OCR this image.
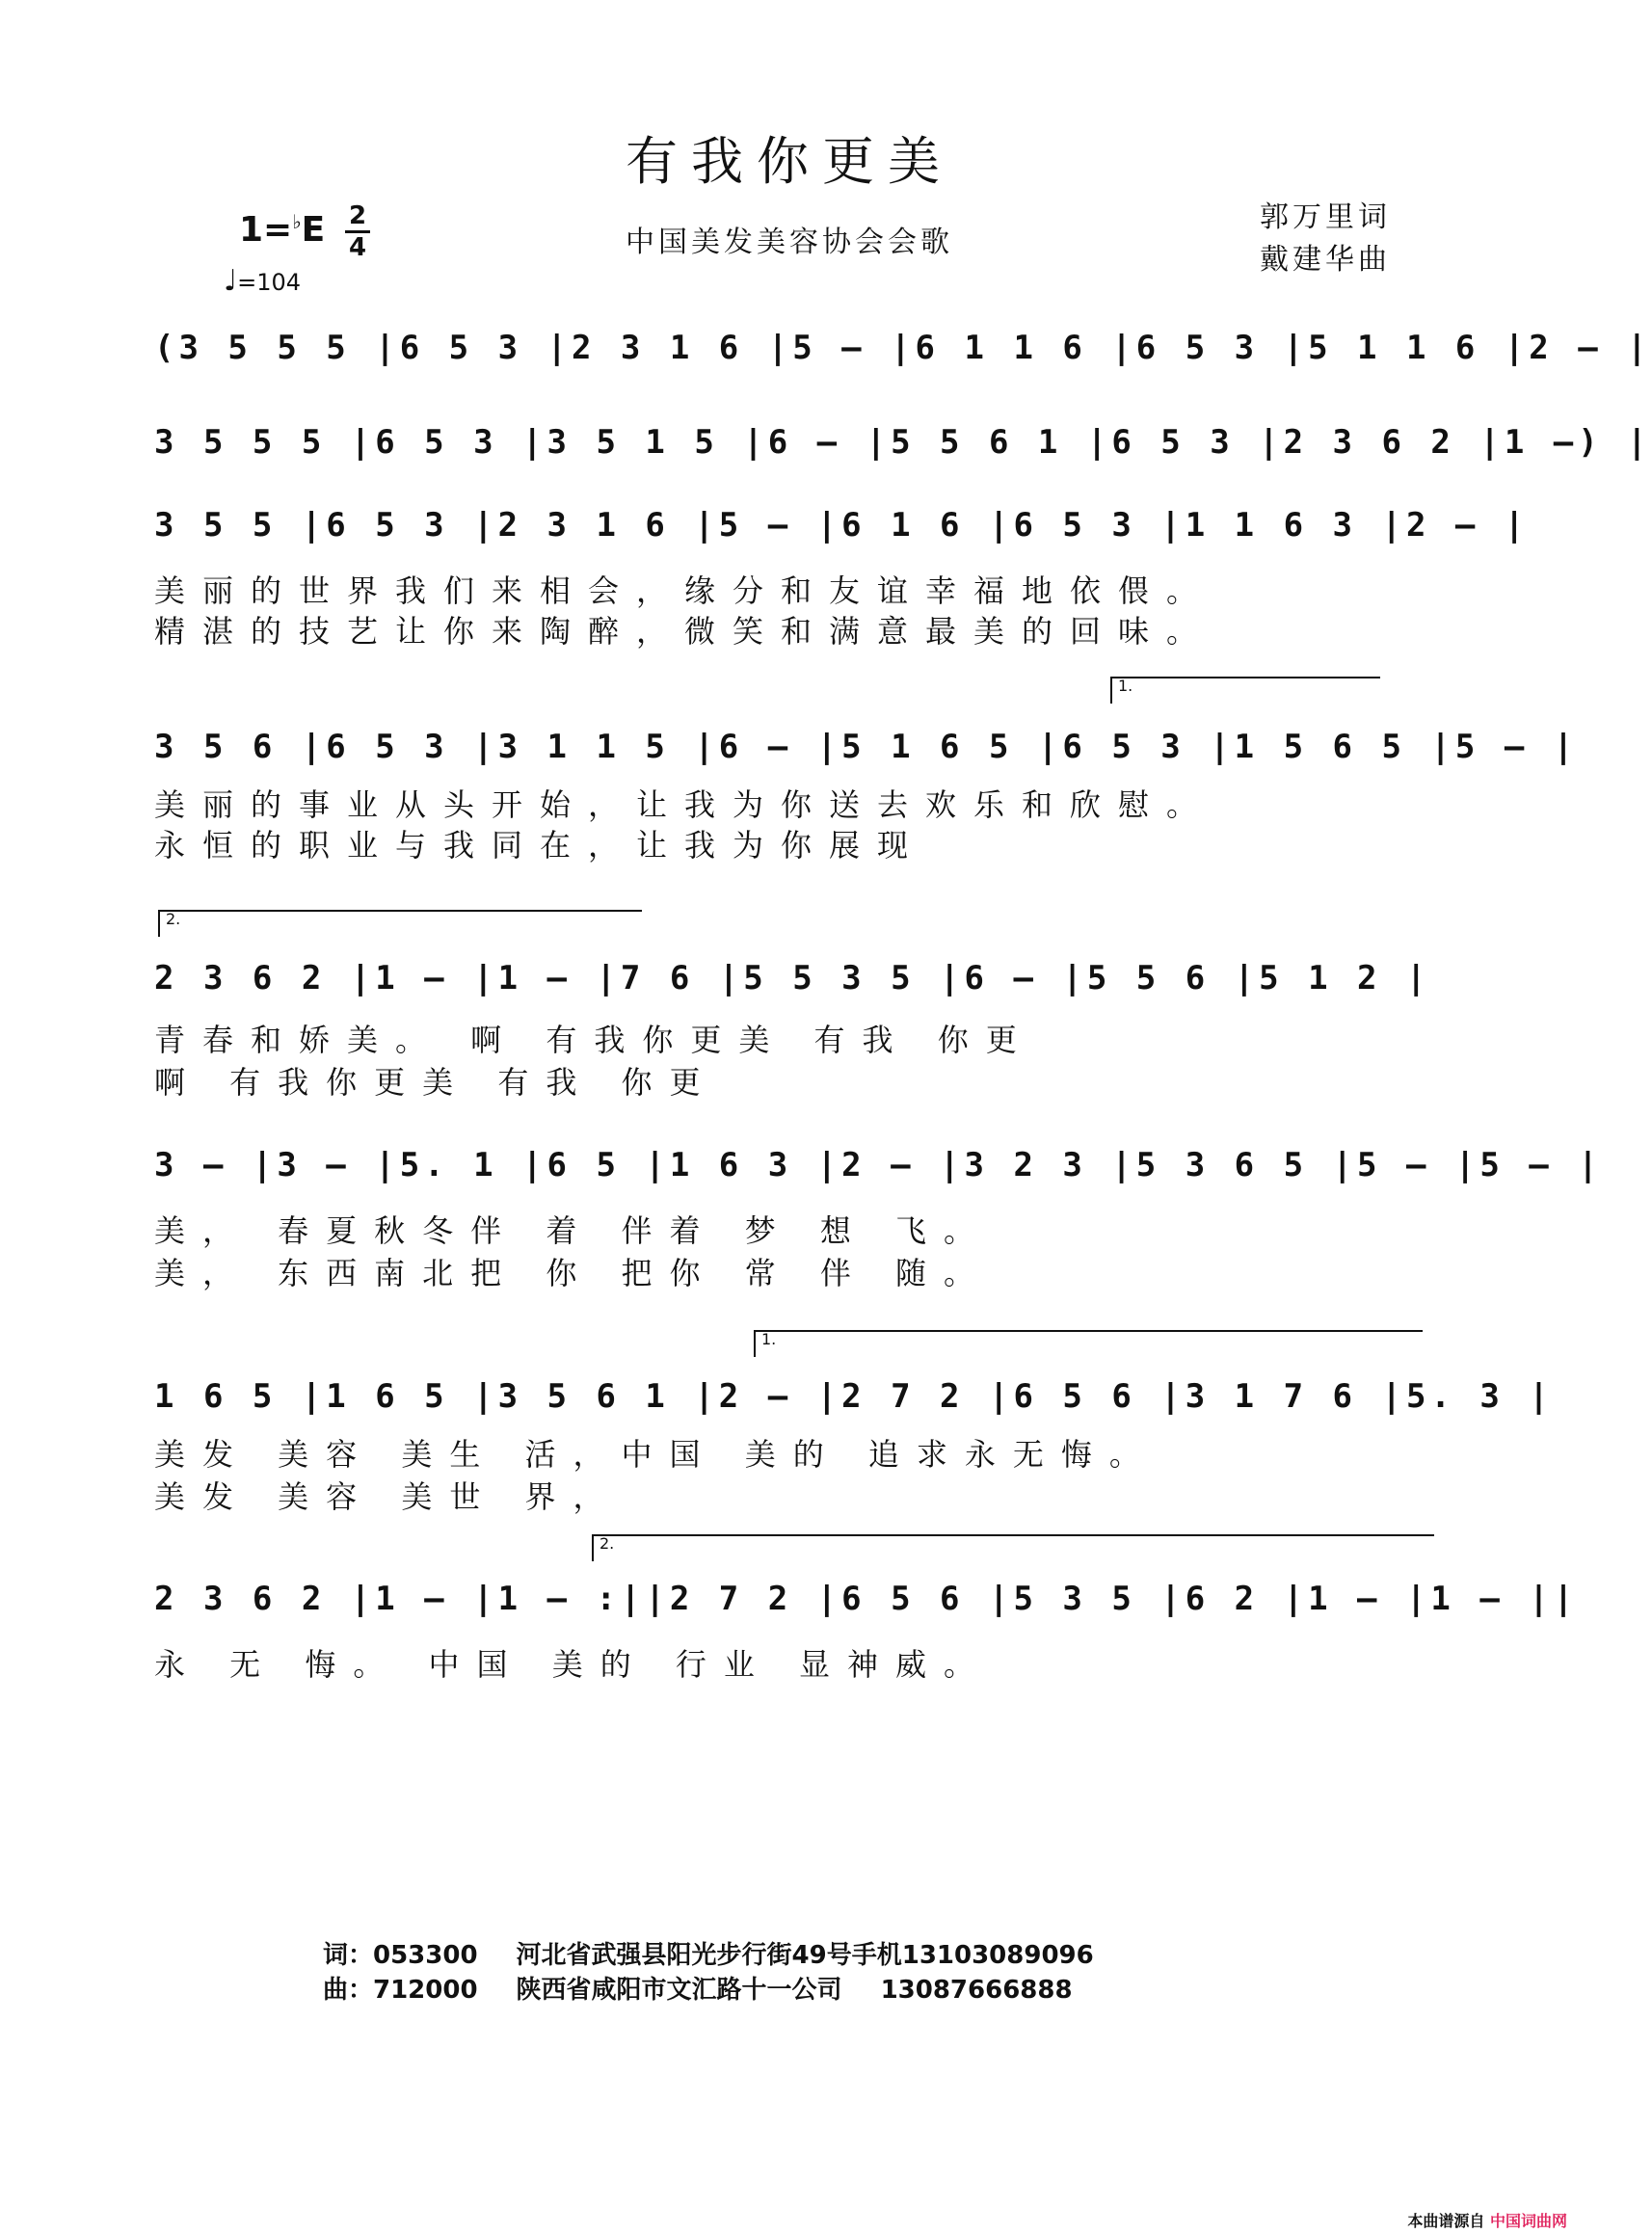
有我你更美
中国美发美容协会会歌
郭万里词
戴建华曲
1=♭E 2
4
♩=104
(3 5 5 5 |6 5 3 |2 3 1 6 |5 – |6 1 1 6 |6 5 3 |5 1 1 6 |2 – |
3 5 5 5 |6 5 3 |3 5 1 5 |6 – |5 5 6 1 |6 5 3 |2 3 6 2 |1 –) |
3 5 5 |6 5 3 |2 3 1 6 |5 – |6 1 6 |6 5 3 |1 1 6 3 |2 – |
美丽的世界我们来相会，缘分和友谊幸福地依偎。
精湛的技艺让你来陶醉，微笑和满意最美的回味。
1.
3 5 6 |6 5 3 |3 1 1 5 |6 – |5 1 6 5 |6 5 3 |1 5 6 5 |5 – |
美丽的事业从头开始，让我为你送去欢乐和欣慰。
永恒的职业与我同在，让我为你展现
2.
2 3 6 2 |1 – |1 – |7 6 |5 5 3 5 |6 – |5 5 6 |5 1 2 |
青春和娇美。 啊 有我你更美 有我 你更
啊 有我你更美 有我 你更
3 – |3 – |5. 1 |6 5 |1 6 3 |2 – |3 2 3 |5 3 6 5 |5 – |5 – |
美， 春夏秋冬伴 着 伴着 梦 想 飞。
美， 东西南北把 你 把你 常 伴 随。
1.
1 6 5 |1 6 5 |3 5 6 1 |2 – |2 7 2 |6 5 6 |3 1 7 6 |5. 3 |
美发 美容 美生 活，中国 美的 追求永无悔。
美发 美容 美世 界，
2.
2 3 6 2 |1 – |1 – :||2 7 2 |6 5 6 |5 3 5 |6 2 |1 – |1 – ||
永 无 悔。 中国 美的 行业 显神威。
词：053300 河北省武强县阳光步行街49号手机13103089096
曲：712000 陕西省咸阳市文汇路十一公司 13087666888
本曲谱源自 中国词曲网
